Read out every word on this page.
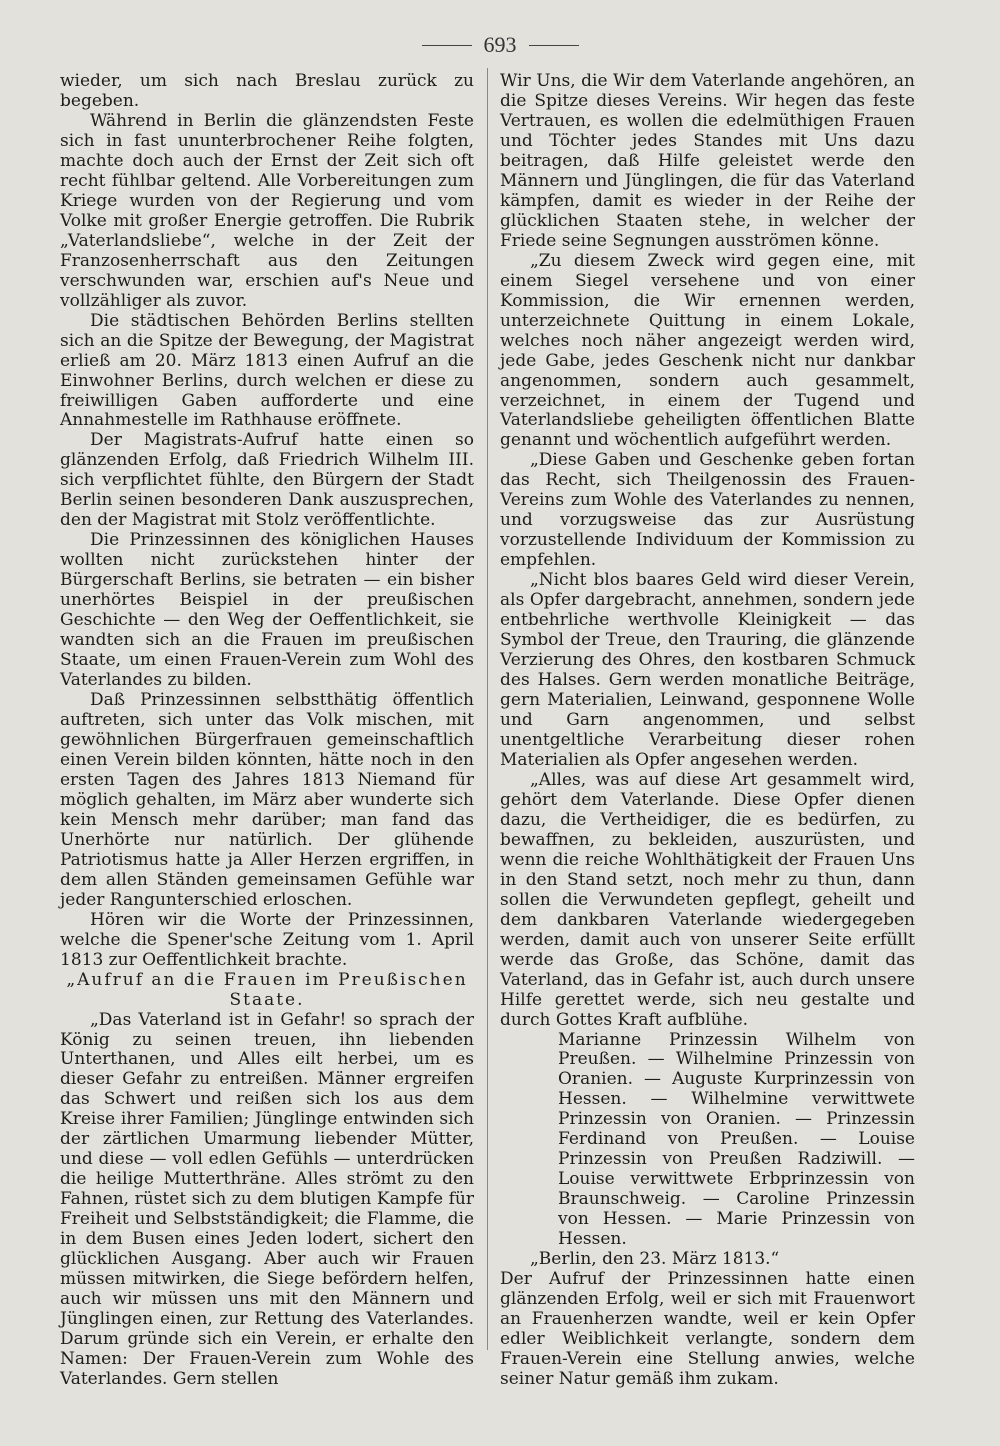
693

wieder, um sich nach Breslau zurück zu begeben.

Während in Berlin die glänzendsten Feste sich in fast ununterbrochener Reihe folgten, machte doch auch der Ernst der Zeit sich oft recht fühlbar geltend. Alle Vorbereitungen zum Kriege wurden von der Regierung und vom Volke mit großer Energie getroffen. Die Rubrik „Vaterlandsliebe“, welche in der Zeit der Franzosenherrschaft aus den Zeitungen verschwunden war, erschien auf's Neue und vollzähliger als zuvor.

Die städtischen Behörden Berlins stellten sich an die Spitze der Bewegung, der Magistrat erließ am 20. März 1813 einen Aufruf an die Einwohner Berlins, durch welchen er diese zu freiwilligen Gaben aufforderte und eine Annahmestelle im Rathhause eröffnete.

Der Magistrats-Aufruf hatte einen so glänzenden Erfolg, daß Friedrich Wilhelm III. sich verpflichtet fühlte, den Bürgern der Stadt Berlin seinen besonderen Dank auszusprechen, den der Magistrat mit Stolz veröffentlichte.

Die Prinzessinnen des königlichen Hauses wollten nicht zurückstehen hinter der Bürgerschaft Berlins, sie betraten — ein bisher unerhörtes Beispiel in der preußischen Geschichte — den Weg der Oeffentlichkeit, sie wandten sich an die Frauen im preußischen Staate, um einen Frauen-Verein zum Wohl des Vaterlandes zu bilden.

Daß Prinzessinnen selbstthätig öffentlich auftreten, sich unter das Volk mischen, mit gewöhnlichen Bürgerfrauen gemeinschaftlich einen Verein bilden könnten, hätte noch in den ersten Tagen des Jahres 1813 Niemand für möglich gehalten, im März aber wunderte sich kein Mensch mehr darüber; man fand das Unerhörte nur natürlich. Der glühende Patriotismus hatte ja Aller Herzen ergriffen, in dem allen Ständen gemeinsamen Gefühle war jeder Rangunterschied erloschen.

Hören wir die Worte der Prinzessinnen, welche die Spener'sche Zeitung vom 1. April 1813 zur Oeffentlichkeit brachte.

„Aufruf an die Frauen im Preußischen Staate.

„Das Vaterland ist in Gefahr! so sprach der König zu seinen treuen, ihn liebenden Unterthanen, und Alles eilt herbei, um es dieser Gefahr zu entreißen. Männer ergreifen das Schwert und reißen sich los aus dem Kreise ihrer Familien; Jünglinge entwinden sich der zärtlichen Umarmung liebender Mütter, und diese — voll edlen Gefühls — unterdrücken die heilige Mutterthräne. Alles strömt zu den Fahnen, rüstet sich zu dem blutigen Kampfe für Freiheit und Selbstständigkeit; die Flamme, die in dem Busen eines Jeden lodert, sichert den glücklichen Ausgang. Aber auch wir Frauen müssen mitwirken, die Siege befördern helfen, auch wir müssen uns mit den Männern und Jünglingen einen, zur Rettung des Vaterlandes. Darum gründe sich ein Verein, er erhalte den Namen: Der Frauen-Verein zum Wohle des Vaterlandes. Gern stellen

Wir Uns, die Wir dem Vaterlande angehören, an die Spitze dieses Vereins. Wir hegen das feste Vertrauen, es wollen die edelmüthigen Frauen und Töchter jedes Standes mit Uns dazu beitragen, daß Hilfe geleistet werde den Männern und Jünglingen, die für das Vaterland kämpfen, damit es wieder in der Reihe der glücklichen Staaten stehe, in welcher der Friede seine Segnungen ausströmen könne.

„Zu diesem Zweck wird gegen eine, mit einem Siegel versehene und von einer Kommission, die Wir ernennen werden, unterzeichnete Quittung in einem Lokale, welches noch näher angezeigt werden wird, jede Gabe, jedes Geschenk nicht nur dankbar angenommen, sondern auch gesammelt, verzeichnet, in einem der Tugend und Vaterlandsliebe geheiligten öffentlichen Blatte genannt und wöchentlich aufgeführt werden.

„Diese Gaben und Geschenke geben fortan das Recht, sich Theilgenossin des Frauen-Vereins zum Wohle des Vaterlandes zu nennen, und vorzugsweise das zur Ausrüstung vorzustellende Individuum der Kommission zu empfehlen.

„Nicht blos baares Geld wird dieser Verein, als Opfer dargebracht, annehmen, sondern jede entbehrliche werthvolle Kleinigkeit — das Symbol der Treue, den Trauring, die glänzende Verzierung des Ohres, den kostbaren Schmuck des Halses. Gern werden monatliche Beiträge, gern Materialien, Leinwand, gesponnene Wolle und Garn angenommen, und selbst unentgeltliche Verarbeitung dieser rohen Materialien als Opfer angesehen werden.

„Alles, was auf diese Art gesammelt wird, gehört dem Vaterlande. Diese Opfer dienen dazu, die Vertheidiger, die es bedürfen, zu bewaffnen, zu bekleiden, auszurüsten, und wenn die reiche Wohlthätigkeit der Frauen Uns in den Stand setzt, noch mehr zu thun, dann sollen die Verwundeten gepflegt, geheilt und dem dankbaren Vaterlande wiedergegeben werden, damit auch von unserer Seite erfüllt werde das Große, das Schöne, damit das Vaterland, das in Gefahr ist, auch durch unsere Hilfe gerettet werde, sich neu gestalte und durch Gottes Kraft aufblühe.

Marianne Prinzessin Wilhelm von Preußen. — Wilhelmine Prinzessin von Oranien. — Auguste Kurprinzessin von Hessen. — Wilhelmine verwittwete Prinzessin von Oranien. — Prinzessin Ferdinand von Preußen. — Louise Prinzessin von Preußen Radziwill. — Louise verwittwete Erbprinzessin von Braunschweig. — Caroline Prinzessin von Hessen. — Marie Prinzessin von Hessen.

„Berlin, den 23. März 1813.“

Der Aufruf der Prinzessinnen hatte einen glänzenden Erfolg, weil er sich mit Frauenwort an Frauenherzen wandte, weil er kein Opfer edler Weiblichkeit verlangte, sondern dem Frauen-Verein eine Stellung anwies, welche seiner Natur gemäß ihm zukam.
